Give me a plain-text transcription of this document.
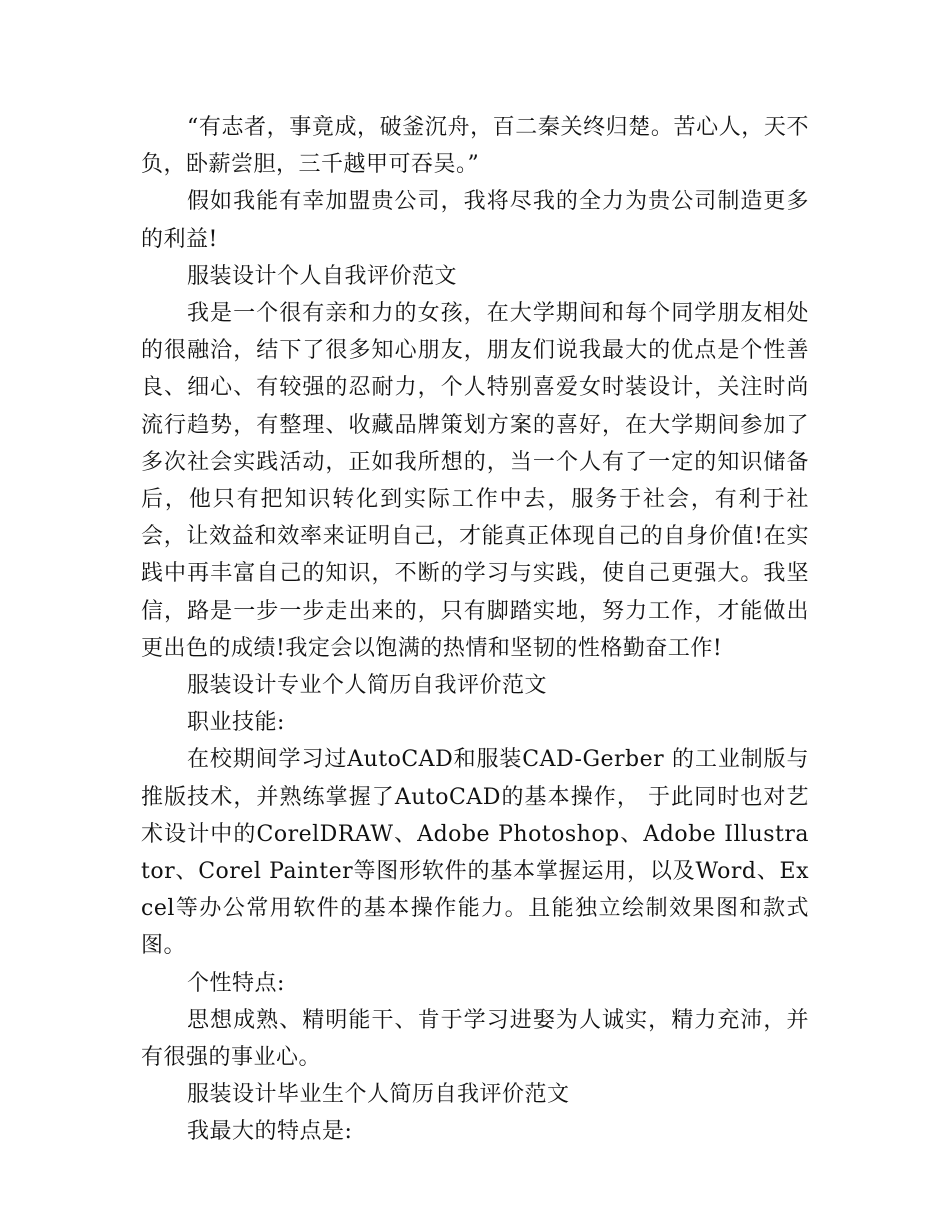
“有志者，事竟成，破釜沉舟，百二秦关终归楚。苦心人，天不负，卧薪尝胆，三千越甲可吞吴。”

假如我能有幸加盟贵公司，我将尽我的全力为贵公司制造更多的利益!

服装设计个人自我评价范文

我是一个很有亲和力的女孩，在大学期间和每个同学朋友相处的很融洽，结下了很多知心朋友，朋友们说我最大的优点是个性善良、细心、有较强的忍耐力，个人特别喜爱女时装设计，关注时尚流行趋势，有整理、收藏品牌策划方案的喜好，在大学期间参加了多次社会实践活动，正如我所想的，当一个人有了一定的知识储备后，他只有把知识转化到实际工作中去，服务于社会，有利于社会，让效益和效率来证明自己，才能真正体现自己的自身价值!在实践中再丰富自己的知识，不断的学习与实践，使自己更强大。我坚信，路是一步一步走出来的，只有脚踏实地，努力工作，才能做出更出色的成绩!我定会以饱满的热情和坚韧的性格勤奋工作!

服装设计专业个人简历自我评价范文

职业技能:

在校期间学习过AutoCAD和服装CAD-Gerber 的工业制版与推版技术，并熟练掌握了AutoCAD的基本操作， 于此同时也对艺术设计中的CorelDRAW、Adobe Photoshop、Adobe Illustrator、Corel Painter等图形软件的基本掌握运用，以及Word、Excel等办公常用软件的基本操作能力。且能独立绘制效果图和款式图。

个性特点:

思想成熟、精明能干、肯于学习进娶为人诚实，精力充沛，并有很强的事业心。

服装设计毕业生个人简历自我评价范文

我最大的特点是:
